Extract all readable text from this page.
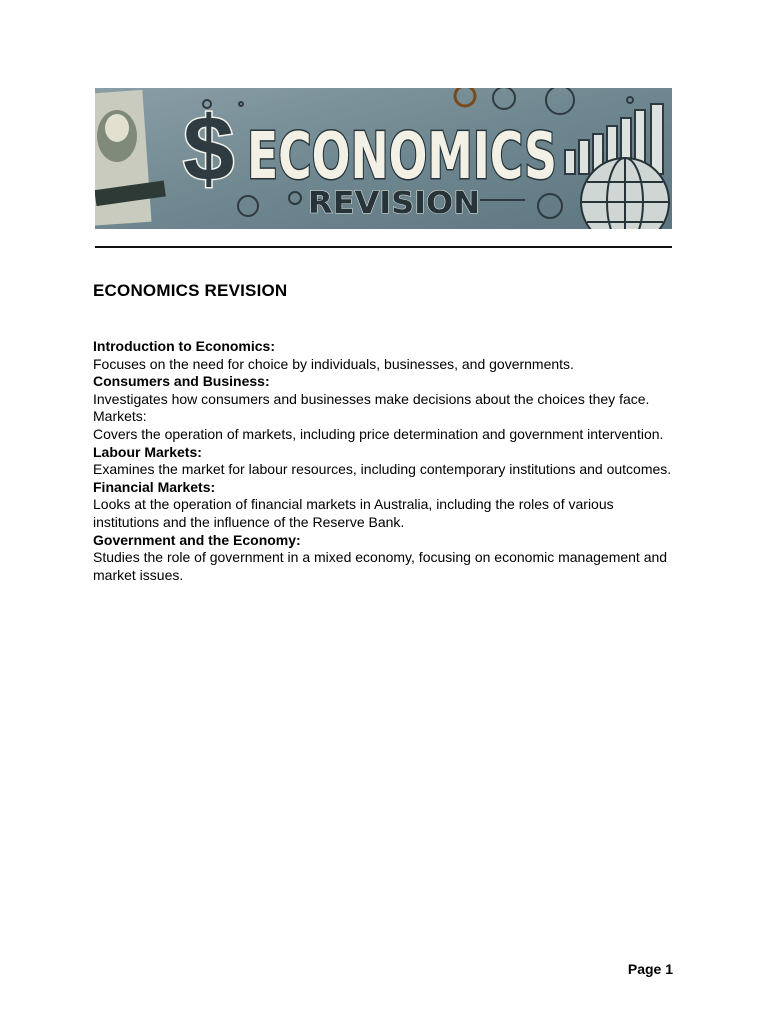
$ ECONOMICS
REVISION
ECONOMICS REVISION
Introduction to Economics:
Focuses on the need for choice by individuals, businesses, and governments.
Consumers and Business:
Investigates how consumers and businesses make decisions about the choices they face.
Markets:
Covers the operation of markets, including price determination and government intervention.
Labour Markets:
Examines the market for labour resources, including contemporary institutions and outcomes.
Financial Markets:
Looks at the operation of financial markets in Australia, including the roles of various institutions and the influence of the Reserve Bank.
Government and the Economy:
Studies the role of government in a mixed economy, focusing on economic management and market issues.
Page 1
